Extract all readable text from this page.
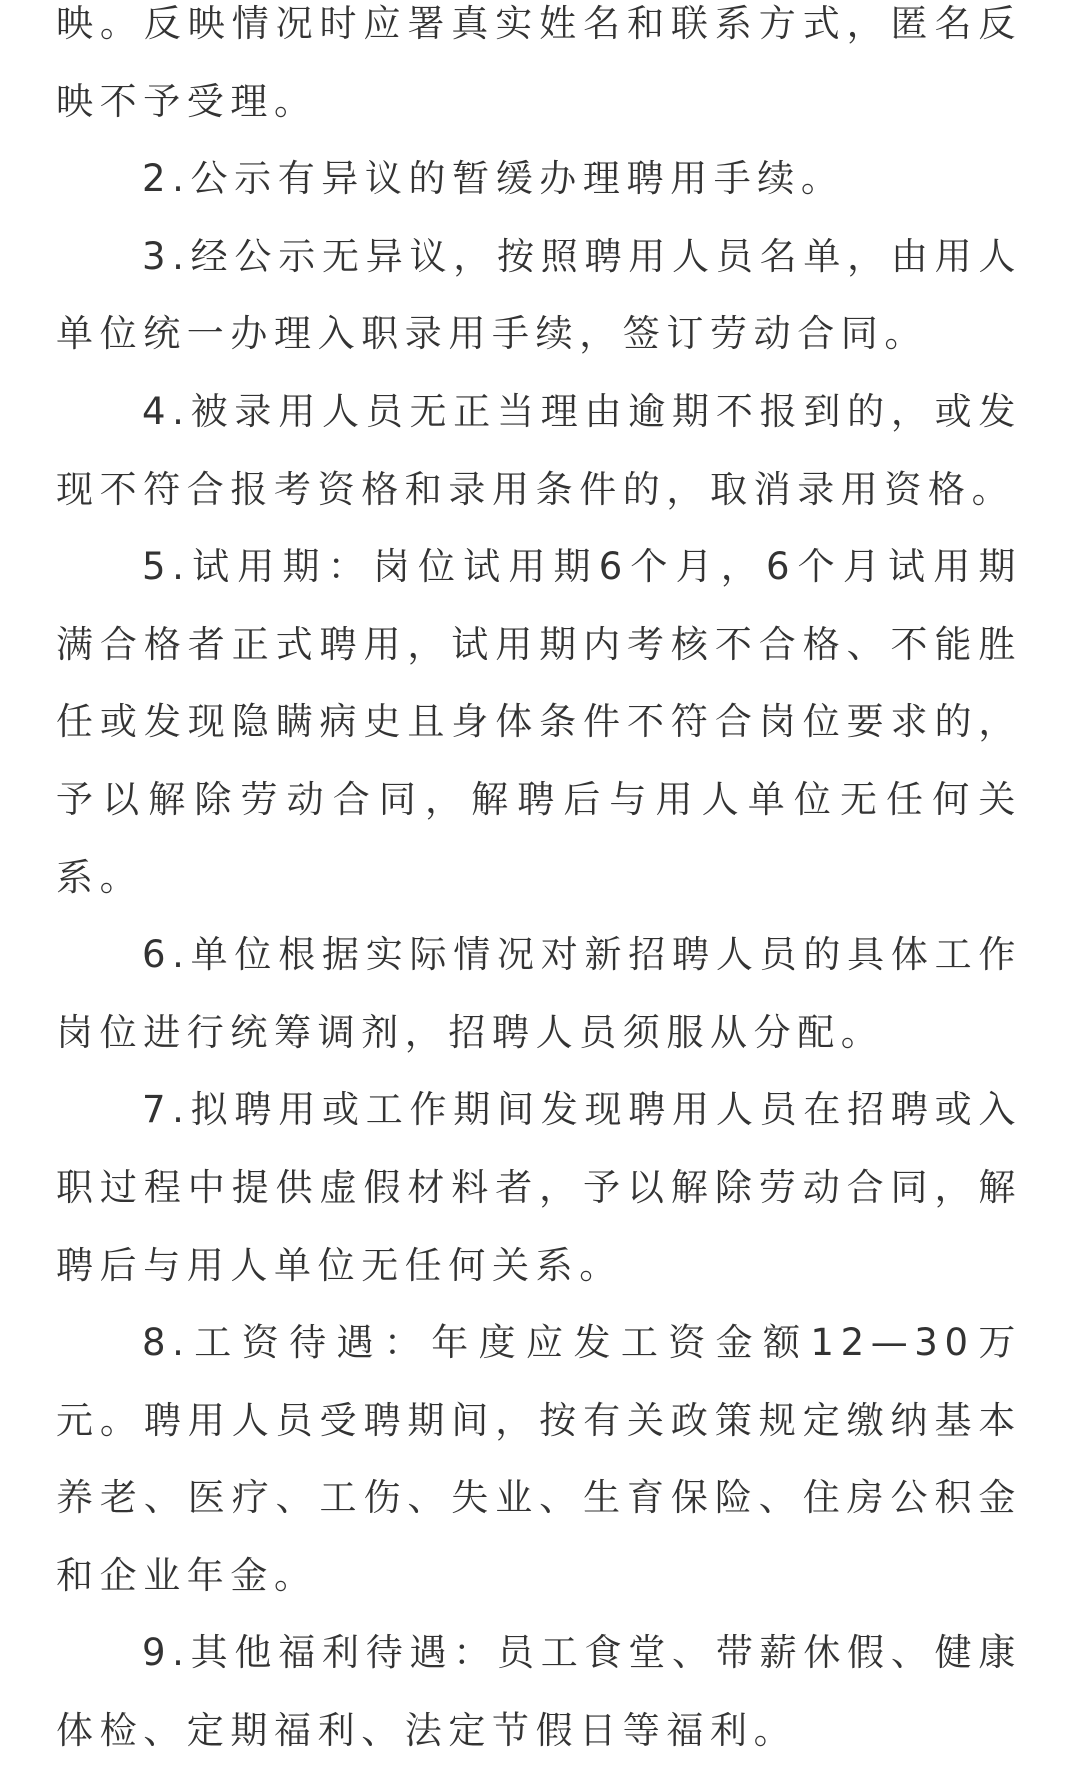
映。反映情况时应署真实姓名和联系方式，匿名反映不予受理。

2.公示有异议的暂缓办理聘用手续。

3.经公示无异议，按照聘用人员名单，由用人单位统一办理入职录用手续，签订劳动合同。

4.被录用人员无正当理由逾期不报到的，或发现不符合报考资格和录用条件的，取消录用资格。

5.试用期：岗位试用期6个月，6个月试用期满合格者正式聘用，试用期内考核不合格、不能胜任或发现隐瞒病史且身体条件不符合岗位要求的，予以解除劳动合同，解聘后与用人单位无任何关系。

6.单位根据实际情况对新招聘人员的具体工作岗位进行统筹调剂，招聘人员须服从分配。

7.拟聘用或工作期间发现聘用人员在招聘或入职过程中提供虚假材料者，予以解除劳动合同，解聘后与用人单位无任何关系。

8.工资待遇：年度应发工资金额12—30万元。聘用人员受聘期间，按有关政策规定缴纳基本养老、医疗、工伤、失业、生育保险、住房公积金和企业年金。

9.其他福利待遇：员工食堂、带薪休假、健康体检、定期福利、法定节假日等福利。
